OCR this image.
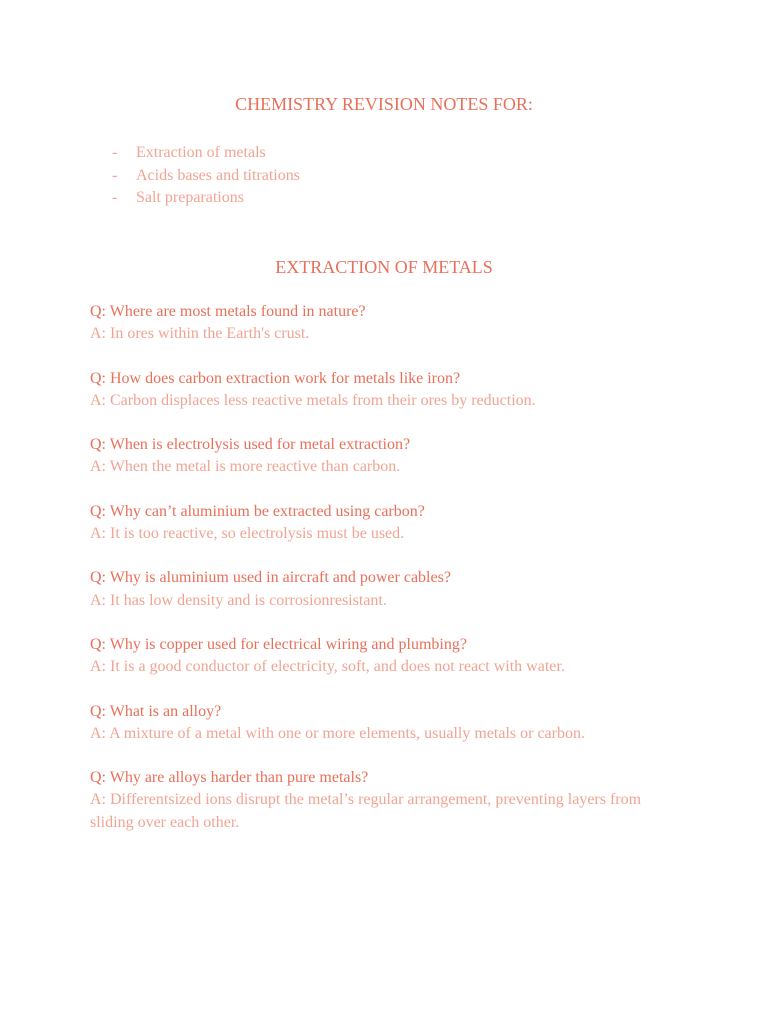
CHEMISTRY REVISION NOTES FOR:
- Extraction of metals
- Acids bases and titrations
- Salt preparations
EXTRACTION OF METALS
Q: Where are most metals found in nature?
A: In ores within the Earth's crust.
Q: How does carbon extraction work for metals like iron?
A: Carbon displaces less reactive metals from their ores by reduction.
Q: When is electrolysis used for metal extraction?
A: When the metal is more reactive than carbon.
Q: Why can’t aluminium be extracted using carbon?
A: It is too reactive, so electrolysis must be used.
Q: Why is aluminium used in aircraft and power cables?
A: It has low density and is corrosionresistant.
Q: Why is copper used for electrical wiring and plumbing?
A: It is a good conductor of electricity, soft, and does not react with water.
Q: What is an alloy?
A: A mixture of a metal with one or more elements, usually metals or carbon.
Q: Why are alloys harder than pure metals?
A: Differentsized ions disrupt the metal’s regular arrangement, preventing layers from sliding over each other.
